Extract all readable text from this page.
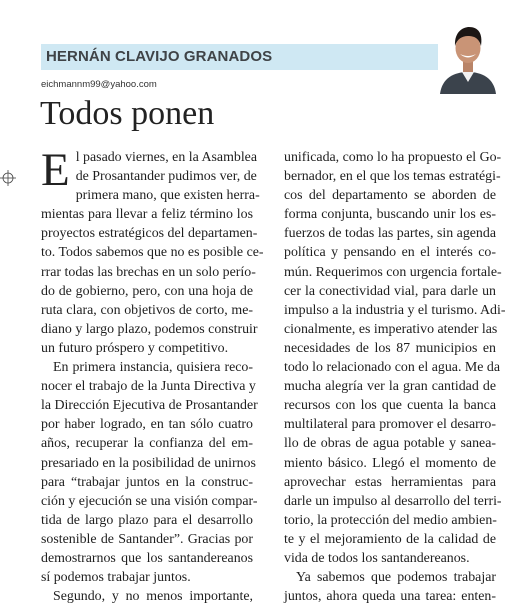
HERNÁN CLAVIJO GRANADOS
eichmannm99@yahoo.com
Todos ponen
E l pasado viernes, en la Asamblea
de Prosantander pudimos ver, de
primera mano, que existen herra-
mientas para llevar a feliz término los
proyectos estratégicos del departamen-
to. Todos sabemos que no es posible ce-
rrar todas las brechas en un solo perío-
do de gobierno, pero, con una hoja de
ruta clara, con objetivos de corto, me-
diano y largo plazo, podemos construir
un futuro próspero y competitivo.
En primera instancia, quisiera reco-
nocer el trabajo de la Junta Directiva y
la Dirección Ejecutiva de Prosantander
por haber logrado, en tan sólo cuatro
años, recuperar la confianza del em-
presariado en la posibilidad de unirnos
para “trabajar juntos en la construc-
ción y ejecución se una visión compar-
tida de largo plazo para el desarrollo
sostenible de Santander”. Gracias por
demostrarnos que los santandereanos
sí podemos trabajar juntos.
Segundo, y no menos importante,
unificada, como lo ha propuesto el Go-
bernador, en el que los temas estratégi-
cos del departamento se aborden de
forma conjunta, buscando unir los es-
fuerzos de todas las partes, sin agenda
política y pensando en el interés co-
mún. Requerimos con urgencia fortale-
cer la conectividad vial, para darle un
impulso a la industria y el turismo. Adi-
cionalmente, es imperativo atender las
necesidades de los 87 municipios en
todo lo relacionado con el agua. Me da
mucha alegría ver la gran cantidad de
recursos con los que cuenta la banca
multilateral para promover el desarro-
llo de obras de agua potable y sanea-
miento básico. Llegó el momento de
aprovechar estas herramientas para
darle un impulso al desarrollo del terri-
torio, la protección del medio ambien-
te y el mejoramiento de la calidad de
vida de todos los santandereanos.
Ya sabemos que podemos trabajar
juntos, ahora queda una tarea: enten-
